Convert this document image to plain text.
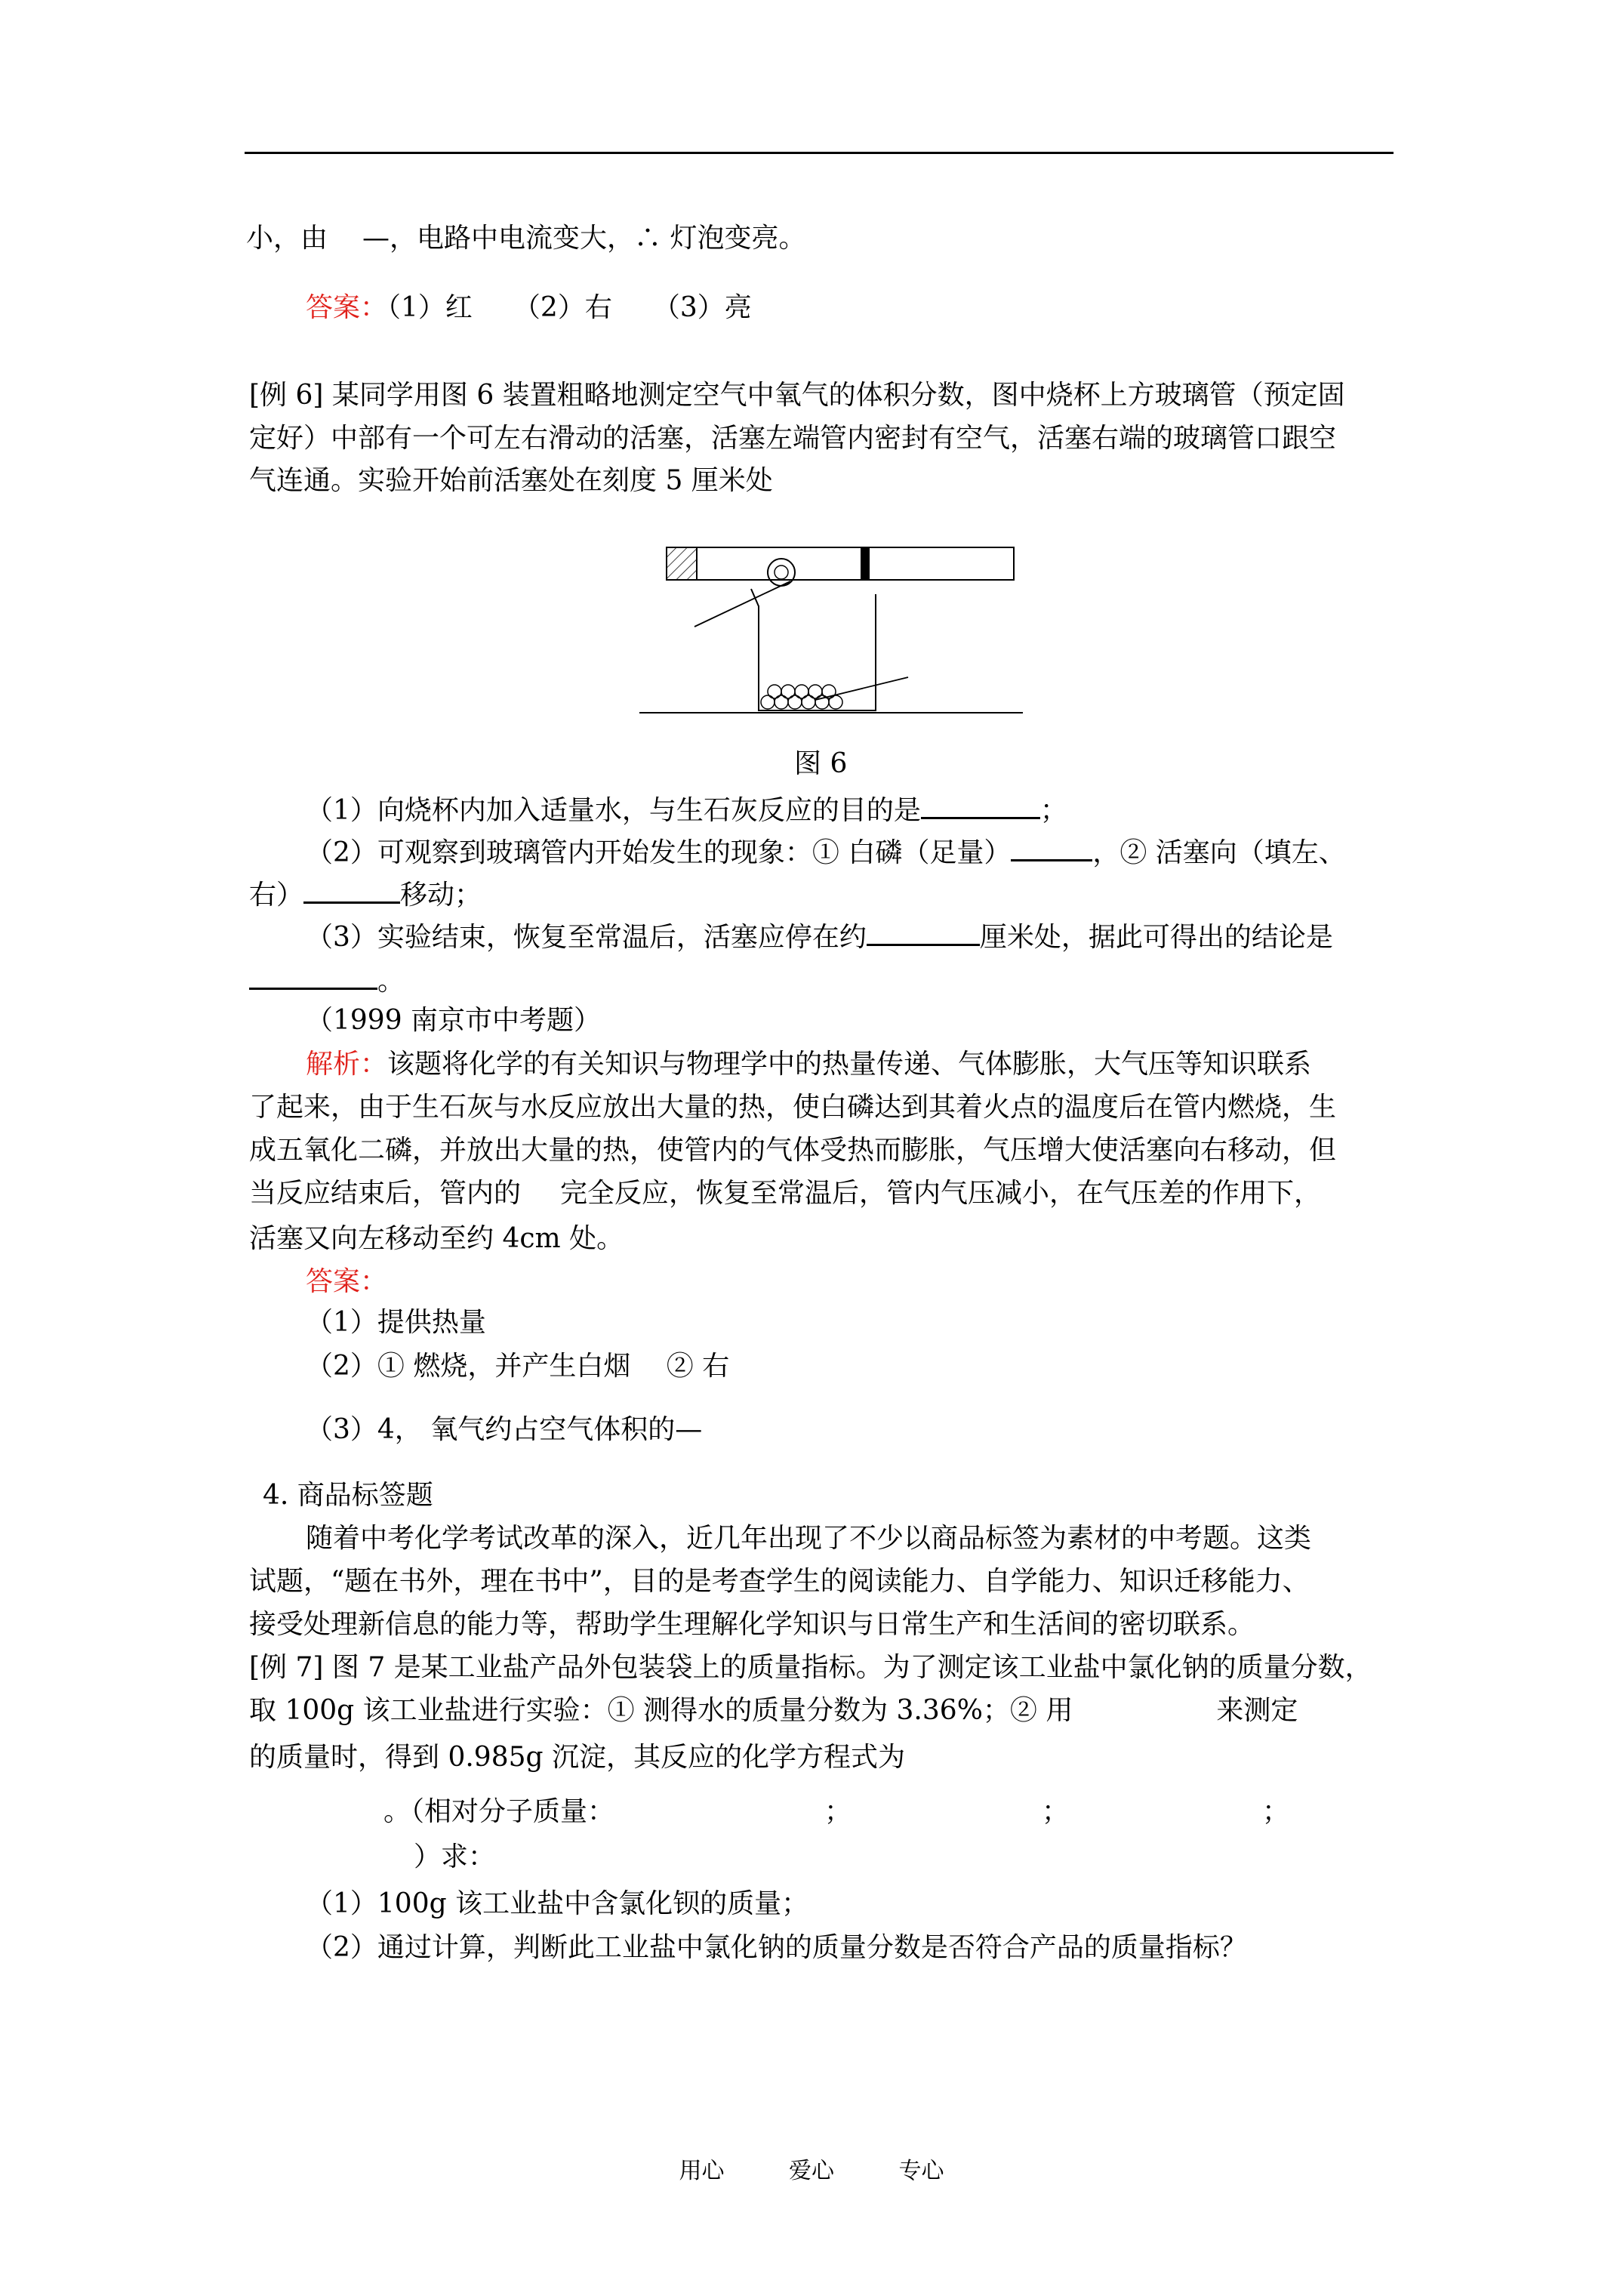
小，由 —，电路中电流变大，∴ 灯泡变亮。
答案：（1）红　　（2）右　　（3）亮
[例 6] 某同学用图 6 装置粗略地测定空气中氧气的体积分数，图中烧杯上方玻璃管（预定固
定好）中部有一个可左右滑动的活塞，活塞左端管内密封有空气，活塞右端的玻璃管口跟空
气连通。实验开始前活塞处在刻度 5 厘米处
图 6
（1）向烧杯内加入适量水，与生石灰反应的目的是	；
（2）可观察到玻璃管内开始发生的现象：① 白磷（足量）	，② 活塞向（填左、
右）	移动；
（3）实验结束，恢复至常温后，活塞应停在约	厘米处，据此可得出的结论是
。
（1999 南京市中考题）
解析：该题将化学的有关知识与物理学中的热量传递、气体膨胀，大气压等知识联系
了起来，由于生石灰与水反应放出大量的热，使白磷达到其着火点的温度后在管内燃烧，生
成五氧化二磷，并放出大量的热，使管内的气体受热而膨胀，气压增大使活塞向右移动，但
当反应结束后，管内的 完全反应，恢复至常温后，管内气压减小，在气压差的作用下，
活塞又向左移动至约 4cm 处。
答案：
（1）提供热量
（2）① 燃烧，并产生白烟　 ② 右
（3）4， 氧气约占空气体积的—
4. 商品标签题
随着中考化学考试改革的深入，近几年出现了不少以商品标签为素材的中考题。这类
试题，“题在书外，理在书中”，目的是考查学生的阅读能力、自学能力、知识迁移能力、
接受处理新信息的能力等，帮助学生理解化学知识与日常生产和生活间的密切联系。
[例 7] 图 7 是某工业盐产品外包装袋上的质量指标。为了测定该工业盐中氯化钠的质量分数，
取 100g 该工业盐进行实验：① 测得水的质量分数为 3.36%；② 用	来测定
的质量时，得到 0.985g 沉淀，其反应的化学方程式为
。（相对分子质量：	；	；	；
）求：
（1）100g 该工业盐中含氯化钡的质量；
（2）通过计算，判断此工业盐中氯化钠的质量分数是否符合产品的质量指标？
用心	爱心	专心
